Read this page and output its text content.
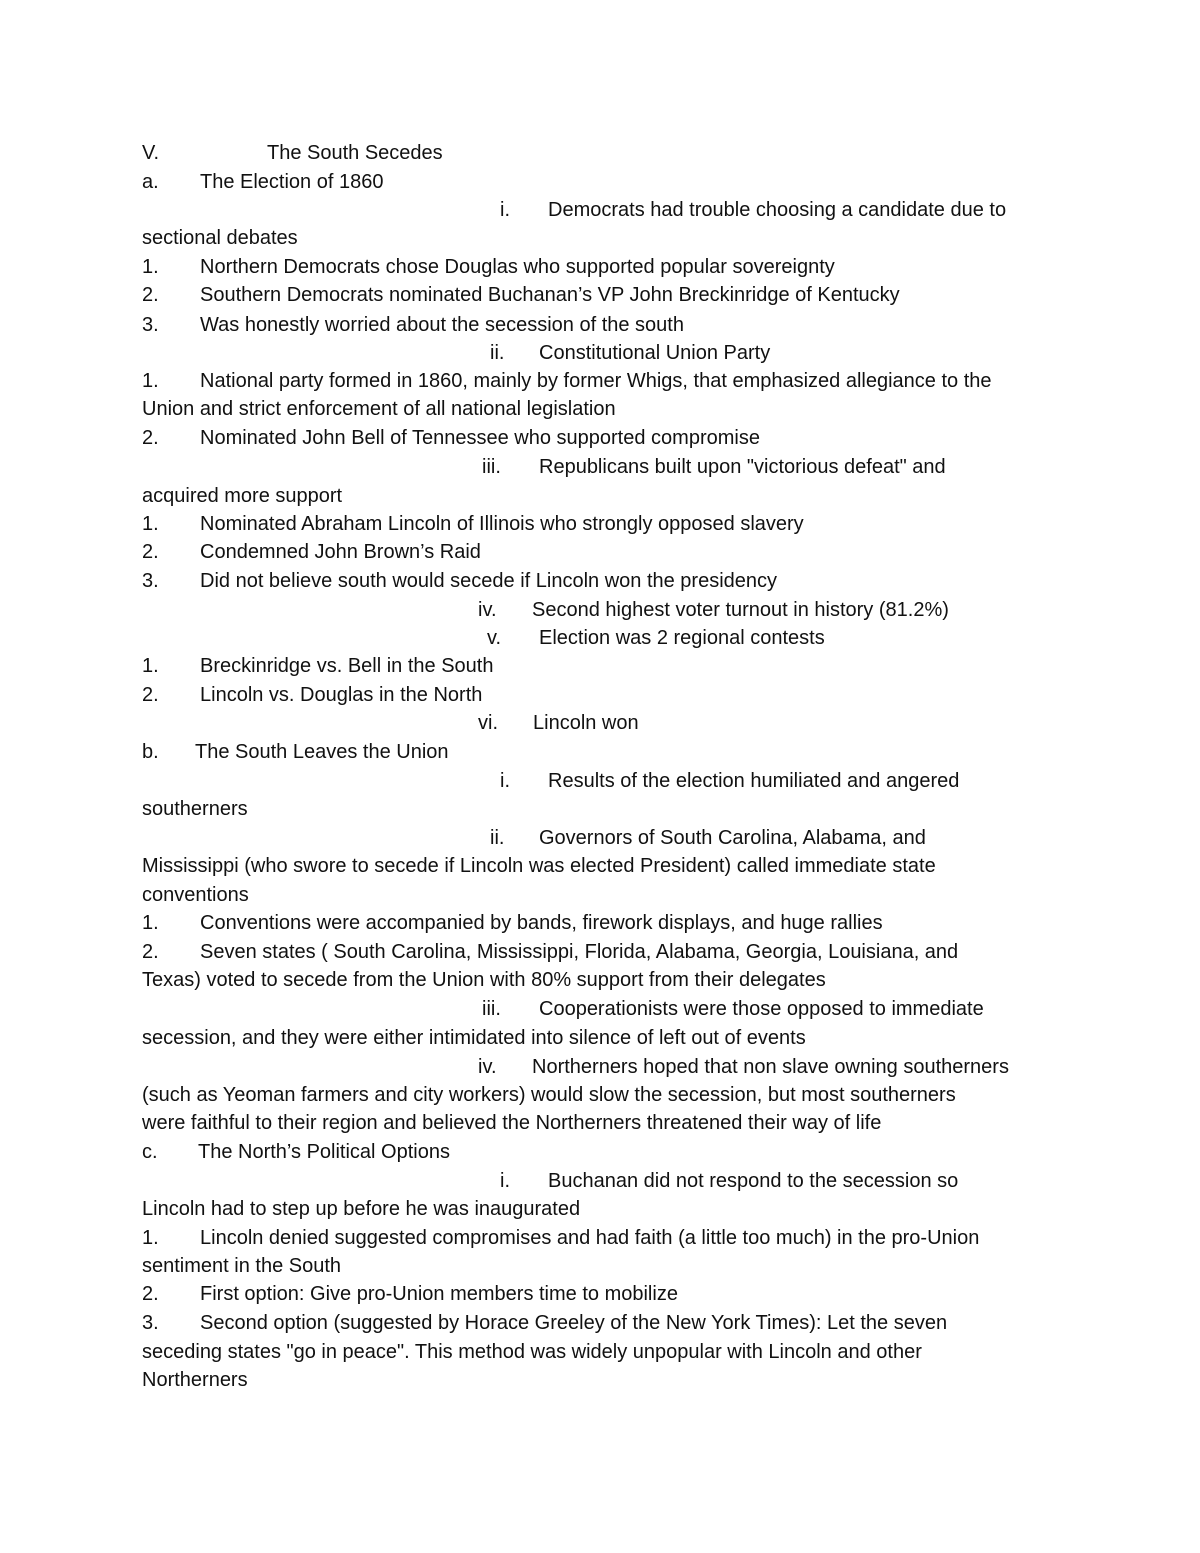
V.	The South Secedes
a. The Election of 1860
i. Democrats had trouble choosing a candidate due to
sectional debates
1. Northern Democrats chose Douglas who supported popular sovereignty
2. Southern Democrats nominated Buchanan’s VP John Breckinridge of Kentucky
3. Was honestly worried about the secession of the south
ii. Constitutional Union Party
1. National party formed in 1860, mainly by former Whigs, that emphasized allegiance to the
Union and strict enforcement of all national legislation
2. Nominated John Bell of Tennessee who supported compromise
iii. Republicans built upon "victorious defeat" and
acquired more support
1. Nominated Abraham Lincoln of Illinois who strongly opposed slavery
2. Condemned John Brown’s Raid
3. Did not believe south would secede if Lincoln won the presidency
iv. Second highest voter turnout in history (81.2%)
v. Election was 2 regional contests
1. Breckinridge vs. Bell in the South
2. Lincoln vs. Douglas in the North
vi. Lincoln won
b. The South Leaves the Union
i. Results of the election humiliated and angered
southerners
ii. Governors of South Carolina, Alabama, and
Mississippi (who swore to secede if Lincoln was elected President) called immediate state
conventions
1. Conventions were accompanied by bands, firework displays, and huge rallies
2. Seven states ( South Carolina, Mississippi, Florida, Alabama, Georgia, Louisiana, and
Texas) voted to secede from the Union with 80% support from their delegates
iii. Cooperationists were those opposed to immediate
secession, and they were either intimidated into silence of left out of events
iv. Northerners hoped that non slave owning southerners
(such as Yeoman farmers and city workers) would slow the secession, but most southerners
were faithful to their region and believed the Northerners threatened their way of life
c. The North’s Political Options
i. Buchanan did not respond to the secession so
Lincoln had to step up before he was inaugurated
1. Lincoln denied suggested compromises and had faith (a little too much) in the pro-Union
sentiment in the South
2. First option: Give pro-Union members time to mobilize
3. Second option (suggested by Horace Greeley of the New York Times): Let the seven
seceding states "go in peace". This method was widely unpopular with Lincoln and other
Northerners
